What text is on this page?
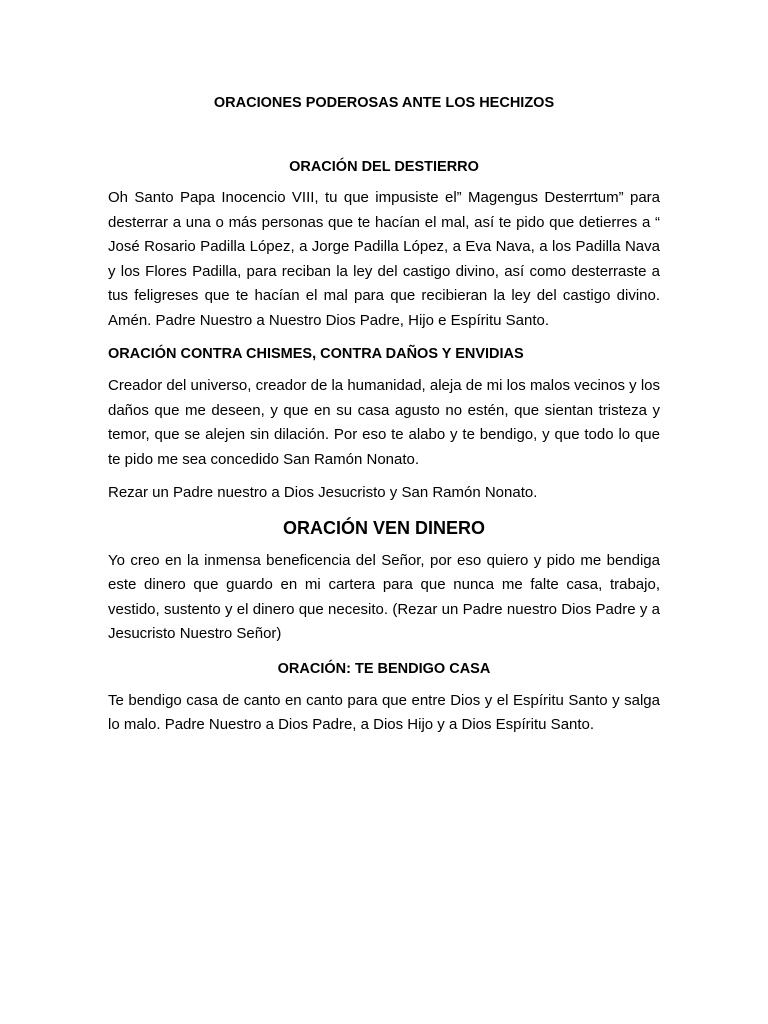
ORACIONES PODEROSAS ANTE LOS HECHIZOS
ORACIÓN DEL DESTIERRO

Oh Santo Papa Inocencio VIII, tu que impusiste el” Magengus Desterrtum” para desterrar a una o más personas que te hacían el mal, así te pido que detierres a “ José Rosario Padilla López, a Jorge Padilla López, a Eva Nava, a los Padilla Nava y los Flores Padilla, para reciban la ley del castigo divino, así como desterraste a tus feligreses que te hacían el mal para que recibieran la ley del castigo divino. Amén. Padre Nuestro a Nuestro Dios Padre, Hijo e Espíritu Santo.

ORACIÓN CONTRA CHISMES, CONTRA DAÑOS Y ENVIDIAS

Creador del universo, creador de la humanidad, aleja de mi los malos vecinos y los daños que me deseen, y que en su casa agusto no estén, que sientan tristeza y temor, que se alejen sin dilación. Por eso te alabo y te bendigo, y que todo lo que te pido me sea concedido San Ramón Nonato.

Rezar un Padre nuestro a Dios Jesucristo y San Ramón Nonato.

ORACIÓN VEN DINERO

Yo creo en la inmensa beneficencia del Señor, por eso quiero y pido me bendiga este dinero que guardo en mi cartera para que nunca me falte casa, trabajo, vestido, sustento y el dinero que necesito. (Rezar un Padre nuestro Dios Padre y a Jesucristo Nuestro Señor)

ORACIÓN: TE BENDIGO CASA

Te bendigo casa de canto en canto para que entre Dios y el Espíritu Santo y salga lo malo. Padre Nuestro a Dios Padre, a Dios Hijo y a Dios Espíritu Santo.
